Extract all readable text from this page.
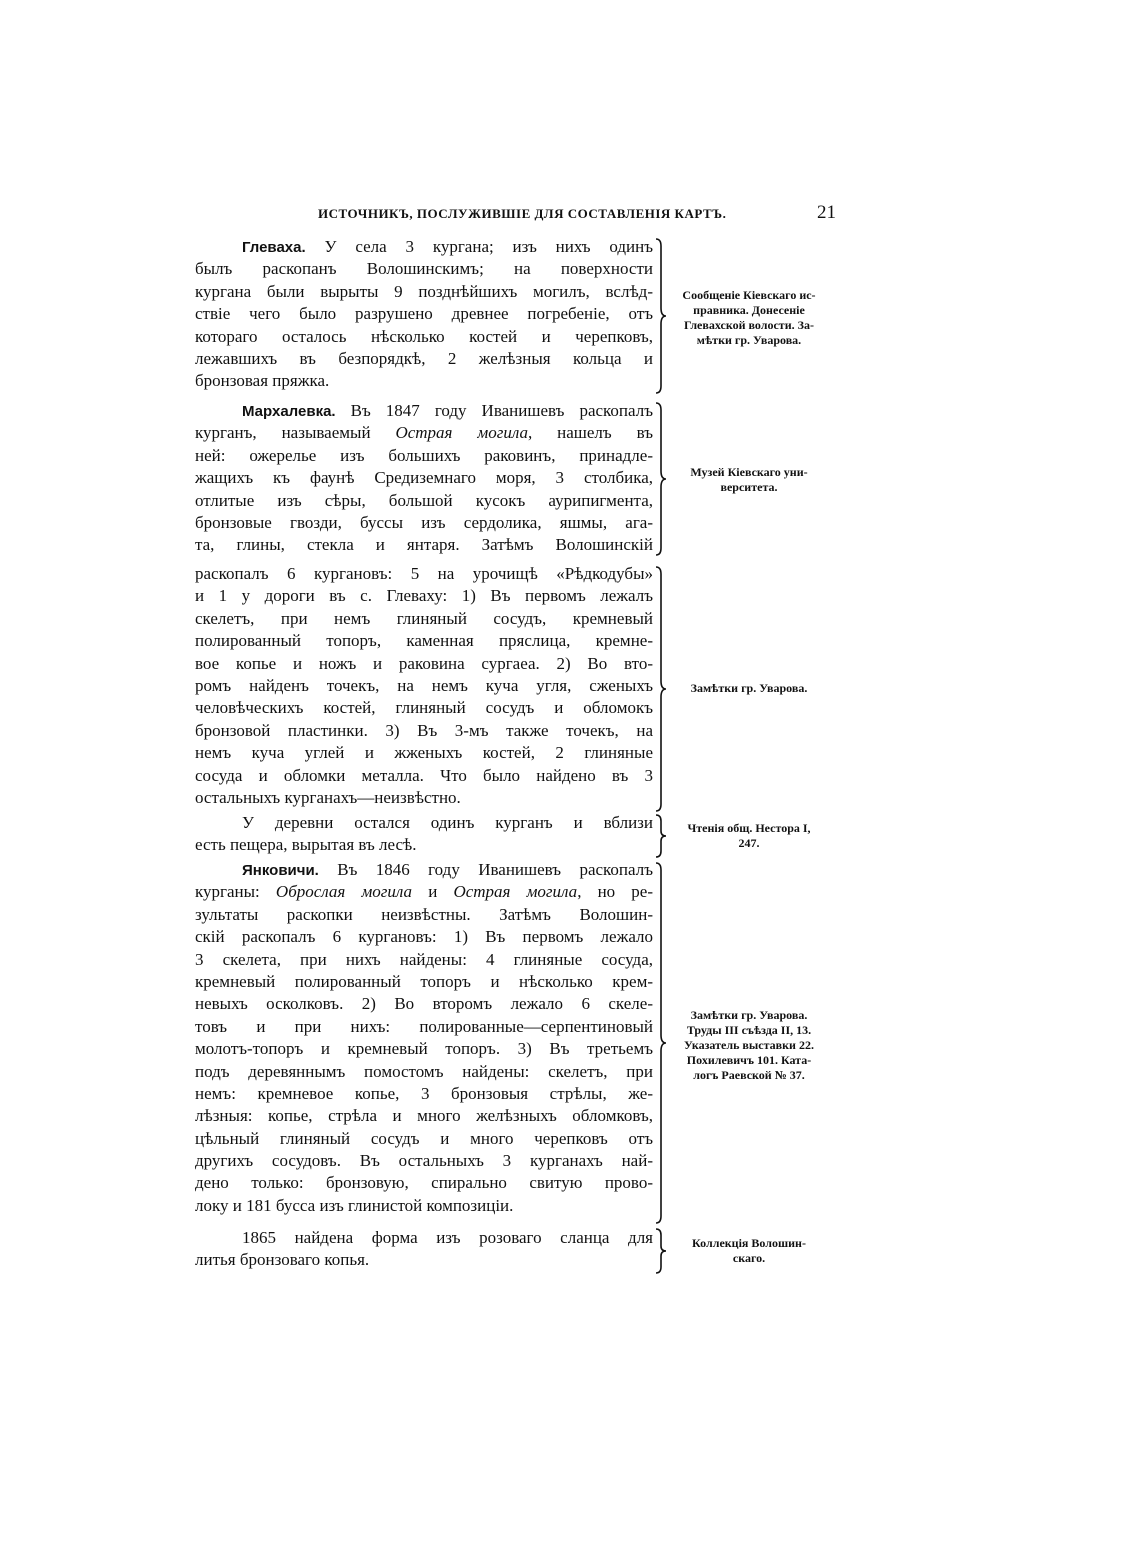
ИСТОЧНИКЪ, ПОСЛУЖИВШІЕ ДЛЯ СОСТАВЛЕНІЯ КАРТЪ.	21
Глеваха. У села 3 кургана; изъ нихъ одинъ
былъ раскопанъ Волошинскимъ; на поверхности
кургана были вырыты 9 позднѣйшихъ могилъ, вслѣд-
ствіе чего было разрушено древнее погребеніе, отъ
котораго осталось нѣсколько костей и черепковъ,
лежавшихъ въ безпорядкѣ, 2 желѣзныя кольца и
бронзовая пряжка.
Сообщеніе Кіевскаго ис-
правника. Донесеніе
Глевахской волости. За-
мѣтки гр. Уварова.
Мархалевка. Въ 1847 году Иванишевъ раскопалъ
курганъ, называемый Острая могила, нашелъ въ
ней: ожерелье изъ большихъ раковинъ, принадле-
жащихъ къ фаунѣ Средиземнаго моря, 3 столбика,
отлитые изъ сѣры, большой кусокъ аурипигмента,
бронзовые гвозди, буссы изъ сердолика, яшмы, ага-
та, глины, стекла и янтаря. Затѣмъ Волошинскій
Музей Кіевскаго уни-
верситета.
раскопалъ 6 кургановъ: 5 на урочищѣ «Рѣдкодубы»
и 1 у дороги въ с. Глеваху: 1) Въ первомъ лежалъ
скелетъ, при немъ глиняный сосудъ, кремневый
полированный топоръ, каменная пряслица, кремне-
вое копье и ножъ и раковина сургаеа. 2) Во вто-
ромъ найденъ точекъ, на немъ куча угля, сженыхъ
человѣческихъ костей, глиняный сосудъ и обломокъ
бронзовой пластинки. 3) Въ 3-мъ также точекъ, на
немъ куча углей и жженыхъ костей, 2 глиняные
сосуда и обломки металла. Что было найдено въ 3
остальныхъ курганахъ—неизвѣстно.
Замѣтки гр. Уварова.
У деревни остался одинъ курганъ и вблизи
есть пещера, вырытая въ лесѣ.
Чтенія общ. Нестора I,
247.
Янковичи. Въ 1846 году Иванишевъ раскопалъ
курганы: Оброслая могила и Острая могила, но ре-
зультаты раскопки неизвѣстны. Затѣмъ Волошин-
скій раскопалъ 6 кургановъ: 1) Въ первомъ лежало
3 скелета, при нихъ найдены: 4 глиняные сосуда,
кремневый полированный топоръ и нѣсколько крем-
невыхъ осколковъ. 2) Во второмъ лежало 6 скеле-
товъ и при нихъ: полированные—серпентиновый
молотъ-топоръ и кремневый топоръ. 3) Въ третьемъ
подъ деревяннымъ помостомъ найдены: скелетъ, при
немъ: кремневое копье, 3 бронзовыя стрѣлы, же-
лѣзныя: копье, стрѣла и много желѣзныхъ обломковъ,
цѣльный глиняный сосудъ и много черепковъ отъ
другихъ сосудовъ. Въ остальныхъ 3 курганахъ най-
дено только: бронзовую, спирально свитую прово-
локу и 181 бусса изъ глинистой композиціи.
Замѣтки гр. Уварова.
Труды III съѣзда II, 13.
Указатель выставки 22.
Похилевичъ 101. Ката-
логъ Раевской № 37.
1865 найдена форма изъ розоваго сланца для
литья бронзоваго копья.
Коллекція Волошин-
скаго.
